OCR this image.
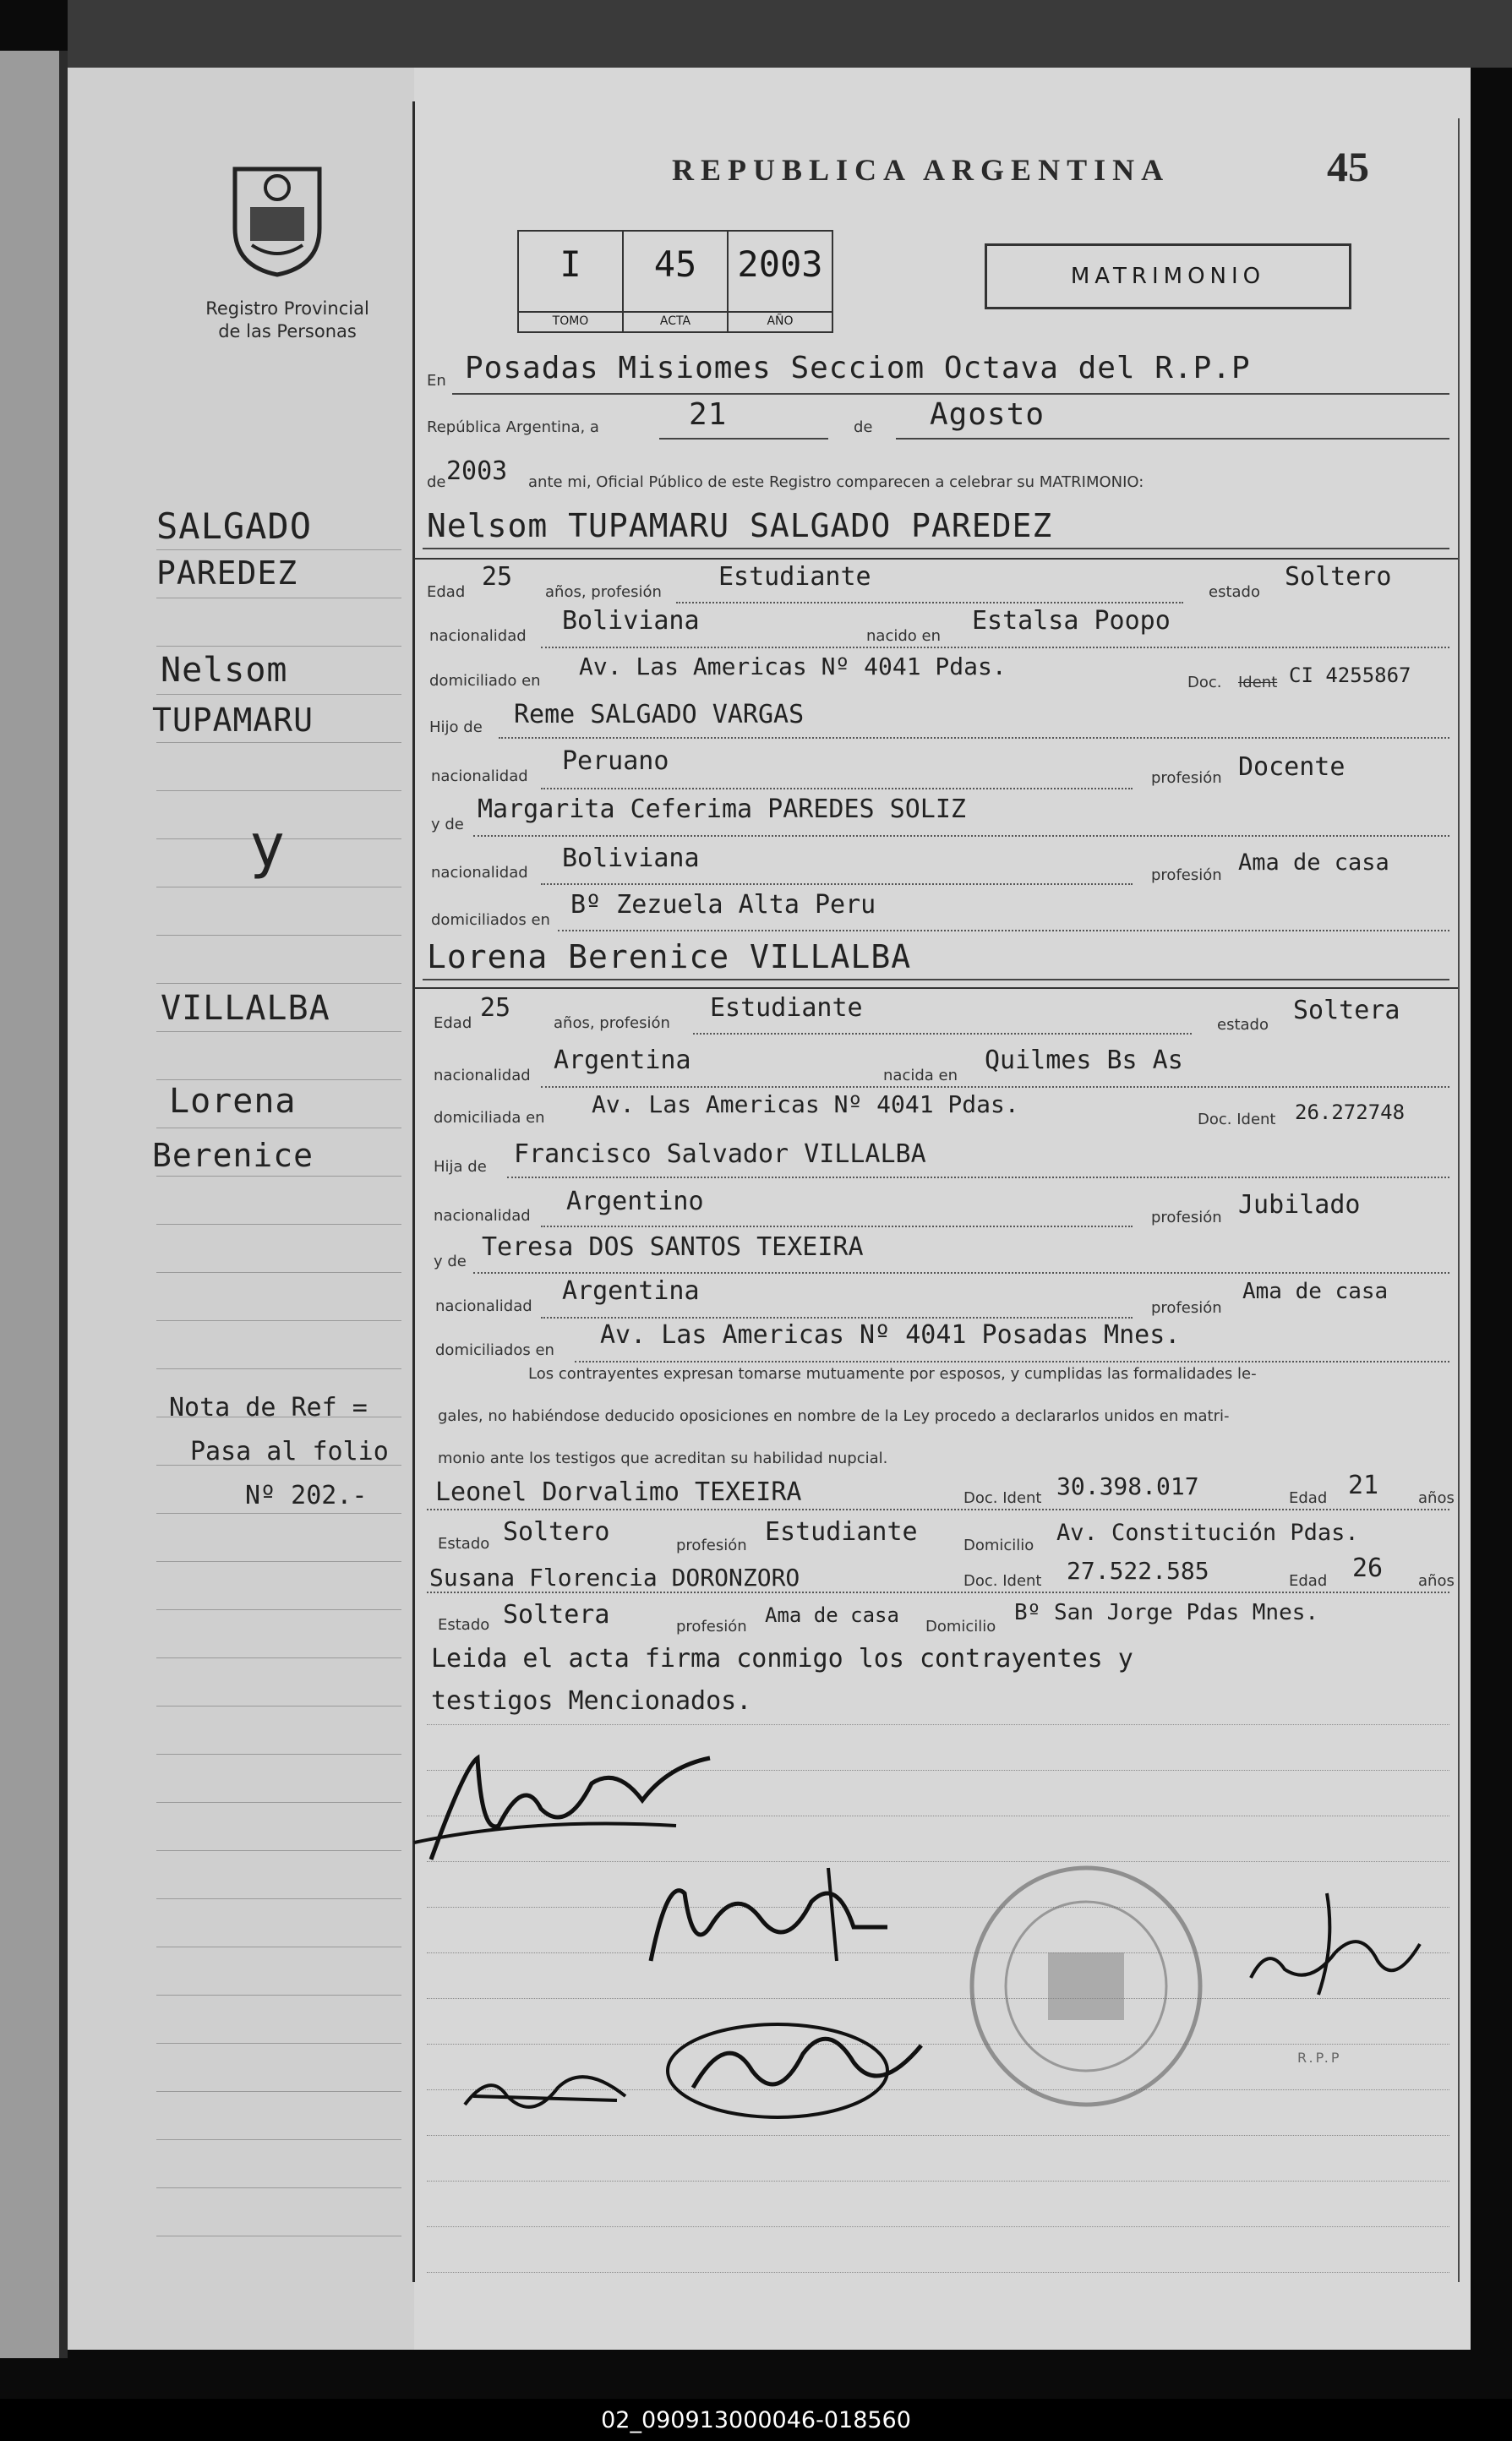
Registro Provincial
de las Personas
REPUBLICA ARGENTINA	45
I
TOMO
45
ACTA
2003
AÑO
MATRIMONIO
En Posadas Misiomes Secciom Octava del R.P.P
República Argentina, a	21	de Agosto
de 2003 ante mi, Oficial Público de este Registro comparecen a celebrar su MATRIMONIO:
SALGADO
PAREDEZ
Nelsom
TUPAMARU
y
VILLALBA
Lorena
Berenice
Nota de Ref =
Pasa al folio
Nº 202.-
Nelsom TUPAMARU SALGADO PAREDEZ
Edad
25
años, profesión
Estudiante
estado
Soltero
nacionalidad
Boliviana
nacido en
Estalsa Poopo
domiciliado en
Av. Las Americas Nº 4041 Pdas.
Doc. Ident CI 4255867
Hijo de Reme SALGADO VARGAS
nacionalidad
Peruano
profesión Docente
y de
Margarita Ceferima PAREDES SOLIZ
nacionalidad Boliviana
profesión Ama de casa
domiciliados en
Bº Zezuela Alta Peru
Lorena Berenice VILLALBA
Edad
25
años, profesión
Estudiante
estado Soltera
nacionalidad
Argentina
nacida en
Quilmes Bs As
domiciliada en Av. Las Americas Nº 4041 Pdas.
Doc. Ident 26.272748
Hija de Francisco Salvador VILLALBA
nacionalidad Argentino
profesión Jubilado
y de Teresa DOS SANTOS TEXEIRA
nacionalidad
Argentina
profesión
Ama de casa
domiciliados en
Av. Las Americas Nº 4041 Posadas Mnes.
Los contrayentes expresan tomarse mutuamente por esposos, y cumplidas las formalidades le-
gales, no habiéndose deducido oposiciones en nombre de la Ley procedo a declararlos unidos en matri-
monio ante los testigos que acreditan su habilidad nupcial.
Leonel Dorvalimo TEXEIRA	Doc. Ident 30.398.017	Edad 21	años
Estado Soltero	profesión Estudiante	Domicilio Av. Constitución Pdas.
Susana Florencia DORONZORO	Doc. Ident 27.522.585	Edad 26 años
Estado Soltera	profesión Ama de casa Domicilio
Bº San Jorge Pdas Mnes.
Leida el acta firma conmigo los contrayentes y
testigos Mencionados.
R.P.P
02_090913000046-018560
